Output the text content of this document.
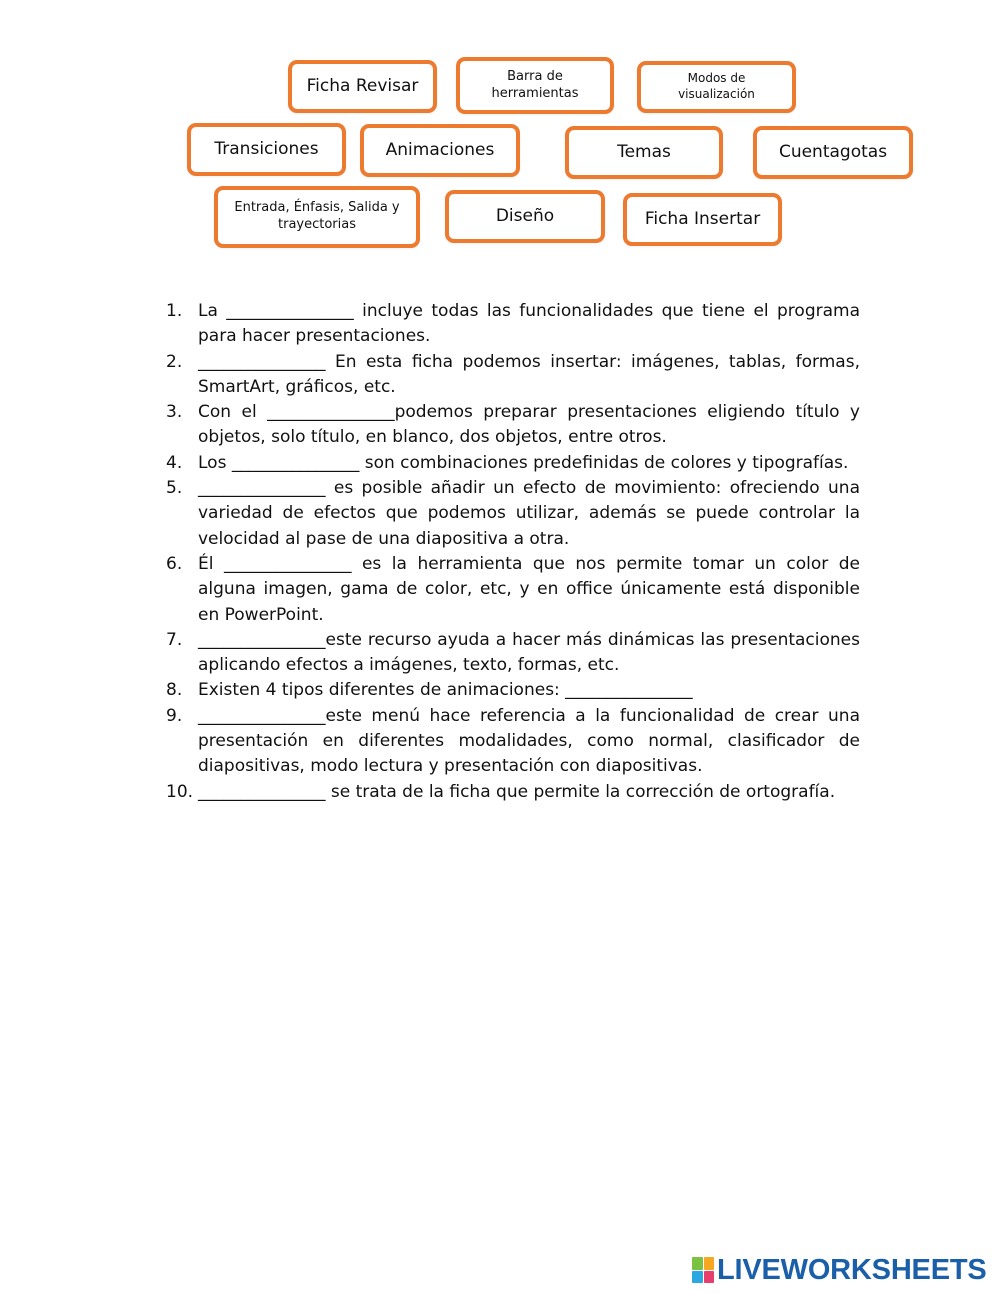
Ficha Revisar
Barra de herramientas
Modos de visualización
Transiciones	Animaciones	Temas	Cuentagotas
Entrada, Énfasis, Salida y trayectorias	Diseño	Ficha Insertar
1. La _______________ incluye todas las funcionalidades que tiene el programa para hacer presentaciones.
2. _______________ En esta ficha podemos insertar: imágenes, tablas, formas, SmartArt, gráficos, etc.
3. Con el _______________podemos preparar presentaciones eligiendo título y objetos, solo título, en blanco, dos objetos, entre otros.
4. Los _______________ son combinaciones predefinidas de colores y tipografías.
5. _______________ es posible añadir un efecto de movimiento: ofreciendo una variedad de efectos que podemos utilizar, además se puede controlar la velocidad al pase de una diapositiva a otra.
6. Él _______________ es la herramienta que nos permite tomar un color de alguna imagen, gama de color, etc, y en office únicamente está disponible en PowerPoint.
7. _______________este recurso ayuda a hacer más dinámicas las presentaciones aplicando efectos a imágenes, texto, formas, etc.
8. Existen 4 tipos diferentes de animaciones: _______________
9. _______________este menú hace referencia a la funcionalidad de crear una presentación en diferentes modalidades, como normal, clasificador de diapositivas, modo lectura y presentación con diapositivas.
10. _______________ se trata de la ficha que permite la corrección de ortografía.
LIVEWORKSHEETS
